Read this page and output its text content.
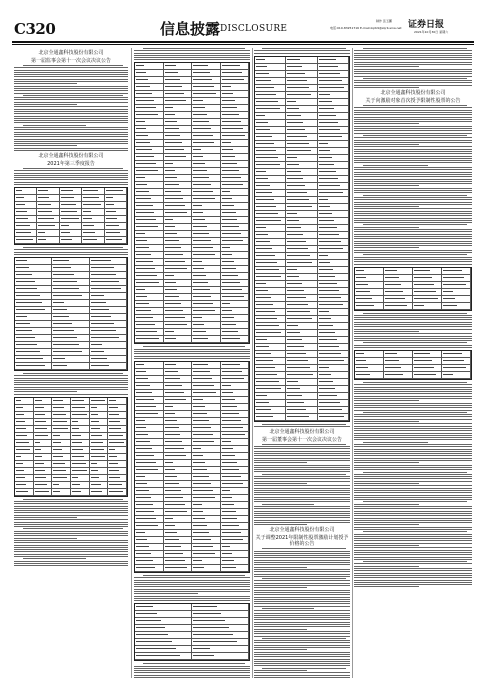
C320	信息披露 DISCLOSURE
制作 张玉鹏
电话:010-83251716 E-mail:zqrb9@zqrb.sina.net 证券日报
2021年10月30日 星期六
北京全通鑫科技股份有限公司
第一届监事会第十一次会议决议公告
北京全通鑫科技股份有限公司
2021年第三季度报告
北京全通鑫科技股份有限公司
第一届董事会第十一次会议决议公告
北京全通鑫科技股份有限公司
关于调整2021年限制性股票激励计划授予价格的公告
北京全通鑫科技股份有限公司
关于向激励对象首次授予限制性股票的公告
